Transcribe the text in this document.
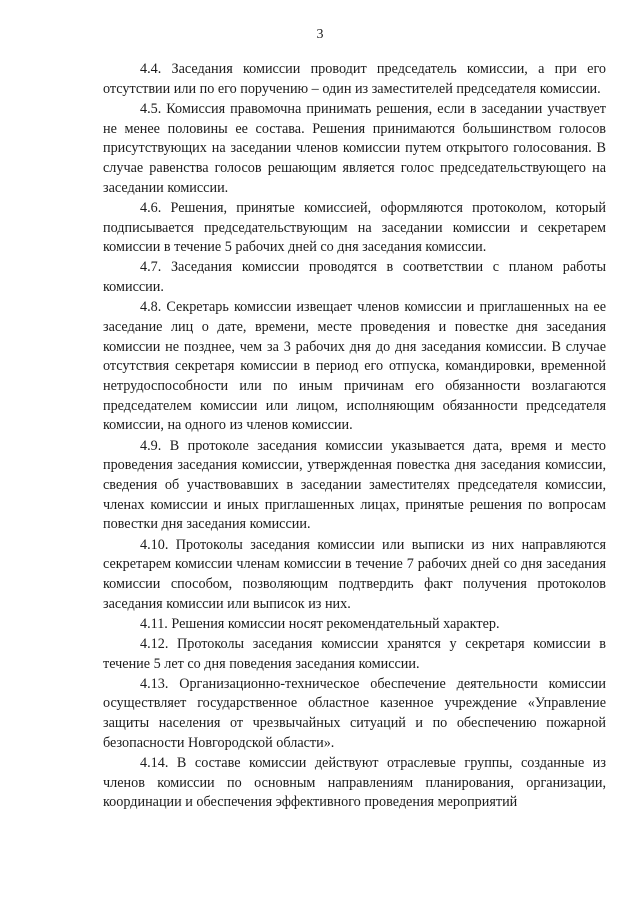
3

4.4. Заседания комиссии проводит председатель комиссии, а при его отсутствии или по его поручению – один из заместителей председателя комиссии.

4.5. Комиссия правомочна принимать решения, если в заседании участвует не менее половины ее состава. Решения принимаются большинством голосов присутствующих на заседании членов комиссии путем открытого голосования. В случае равенства голосов решающим является голос председательствующего на заседании комиссии.

4.6. Решения, принятые комиссией, оформляются протоколом, который подписывается председательствующим на заседании комиссии и секретарем комиссии в течение 5 рабочих дней со дня заседания комиссии.

4.7. Заседания комиссии проводятся в соответствии с планом работы комиссии.

4.8. Секретарь комиссии извещает членов комиссии и приглашенных на ее заседание лиц о дате, времени, месте проведения и повестке дня заседания комиссии не позднее, чем за 3 рабочих дня до дня заседания комиссии. В случае отсутствия секретаря комиссии в период его отпуска, командировки, временной нетрудоспособности или по иным причинам его обязанности возлагаются председателем комиссии или лицом, исполняющим обязанности председателя комиссии, на одного из членов комиссии.

4.9. В протоколе заседания комиссии указывается дата, время и место проведения заседания комиссии, утвержденная повестка дня заседания комиссии, сведения об участвовавших в заседании заместителях председателя комиссии, членах комиссии и иных приглашенных лицах, принятые решения по вопросам повестки дня заседания комиссии.

4.10. Протоколы заседания комиссии или выписки из них направляются секретарем комиссии членам комиссии в течение 7 рабочих дней со дня заседания комиссии способом, позволяющим подтвердить факт получения протоколов заседания комиссии или выписок из них.

4.11. Решения комиссии носят рекомендательный характер.

4.12. Протоколы заседания комиссии хранятся у секретаря комиссии в течение 5 лет со дня поведения заседания комиссии.

4.13. Организационно-техническое обеспечение деятельности комиссии осуществляет государственное областное казенное учреждение «Управление защиты населения от чрезвычайных ситуаций и по обеспечению пожарной безопасности Новгородской области».

4.14. В составе комиссии действуют отраслевые группы, созданные из членов комиссии по основным направлениям планирования, организации, координации и обеспечения эффективного проведения мероприятий
